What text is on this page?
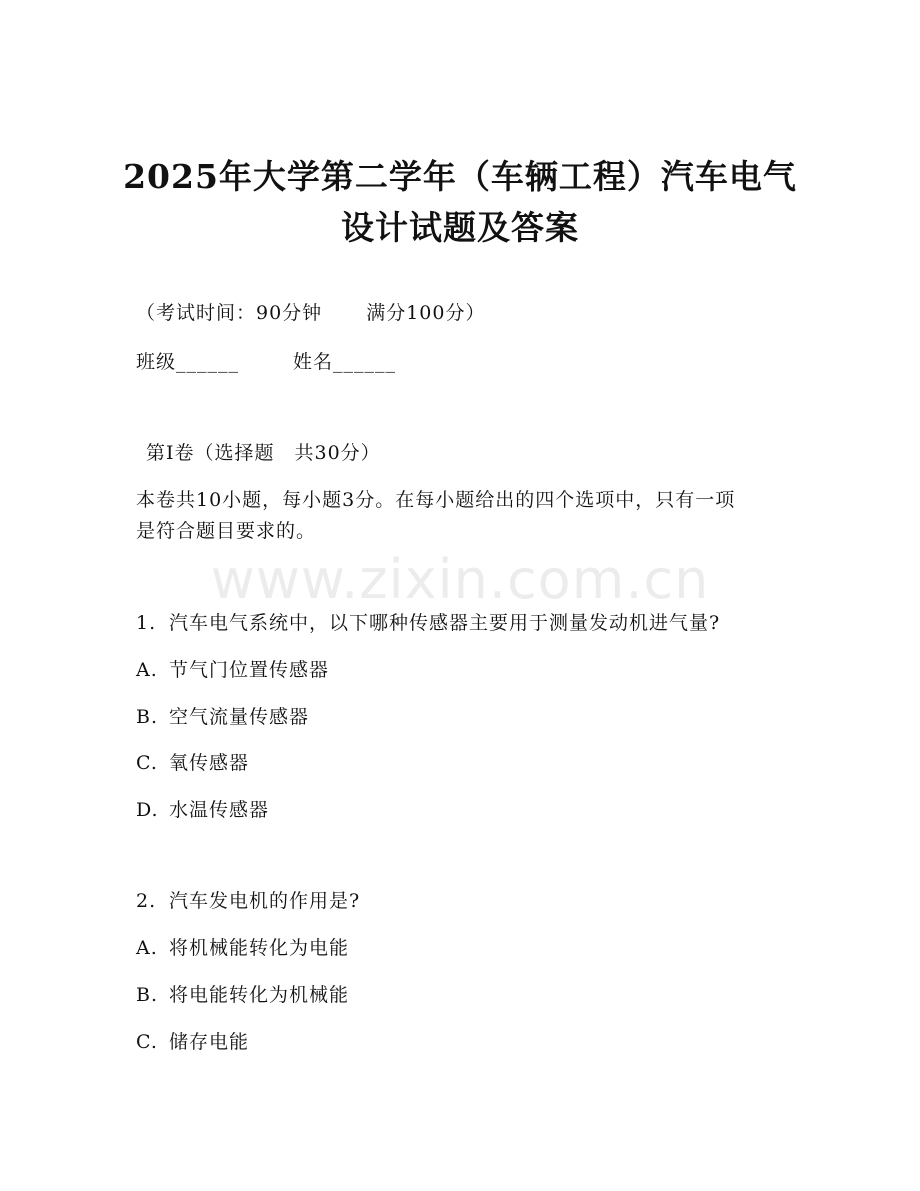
2025年大学第二学年（车辆工程）汽车电气
设计试题及答案
（考试时间：90分钟 满分100分）
班级______	姓名______
第I卷（选择题　共30分）
本卷共10小题，每小题3分。在每小题给出的四个选项中，只有一项
是符合题目要求的。
www.zixin.com.cn
1. 汽车电气系统中，以下哪种传感器主要用于测量发动机进气量?
A. 节气门位置传感器
B. 空气流量传感器
C. 氧传感器
D. 水温传感器
2. 汽车发电机的作用是?
A. 将机械能转化为电能
B. 将电能转化为机械能
C. 储存电能
